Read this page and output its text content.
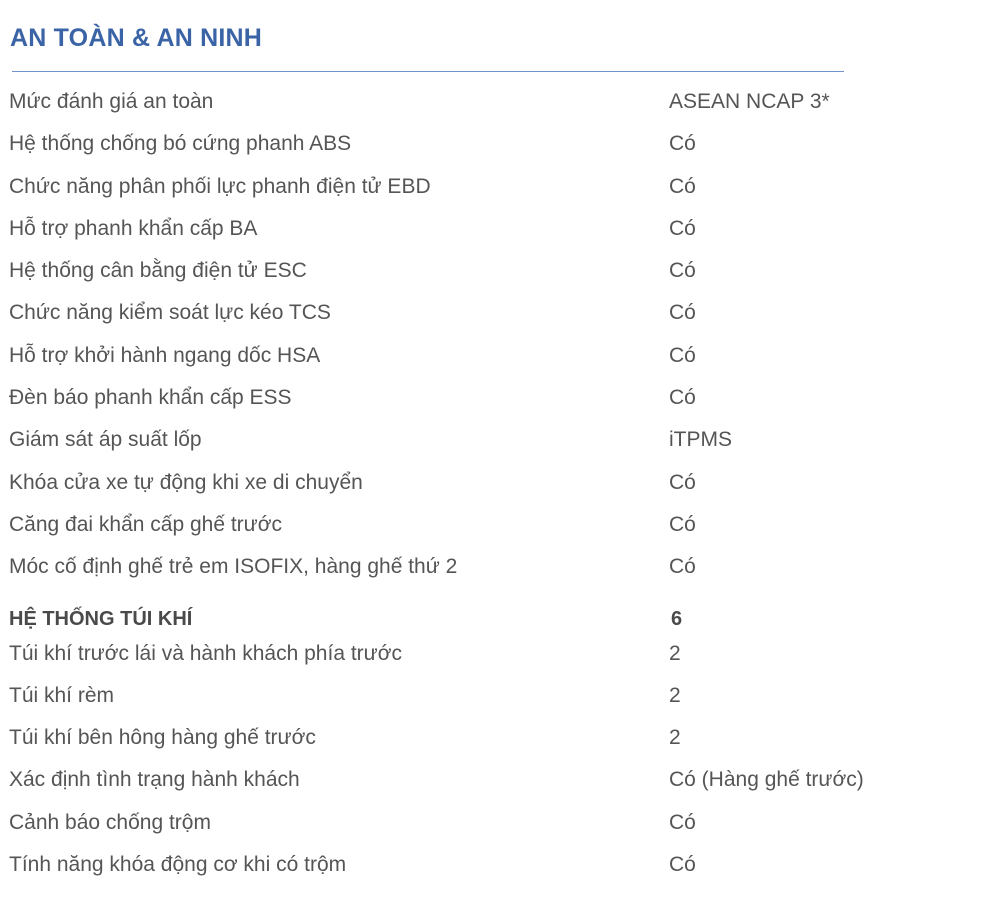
AN TOÀN & AN NINH
Mức đánh giá an toàn	ASEAN NCAP 3*
Hệ thống chống bó cứng phanh ABS	Có
Chức năng phân phối lực phanh điện tử EBD	Có
Hỗ trợ phanh khẩn cấp BA	Có
Hệ thống cân bằng điện tử ESC	Có
Chức năng kiểm soát lực kéo TCS	Có
Hỗ trợ khởi hành ngang dốc HSA	Có
Đèn báo phanh khẩn cấp ESS	Có
Giám sát áp suất lốp	iTPMS
Khóa cửa xe tự động khi xe di chuyển	Có
Căng đai khẩn cấp ghế trước	Có
Móc cố định ghế trẻ em ISOFIX, hàng ghế thứ 2	Có
HỆ THỐNG TÚI KHÍ	6
Túi khí trước lái và hành khách phía trước	2
Túi khí rèm	2
Túi khí bên hông hàng ghế trước	2
Xác định tình trạng hành khách	Có (Hàng ghế trước)
Cảnh báo chống trộm	Có
Tính năng khóa động cơ khi có trộm	Có
